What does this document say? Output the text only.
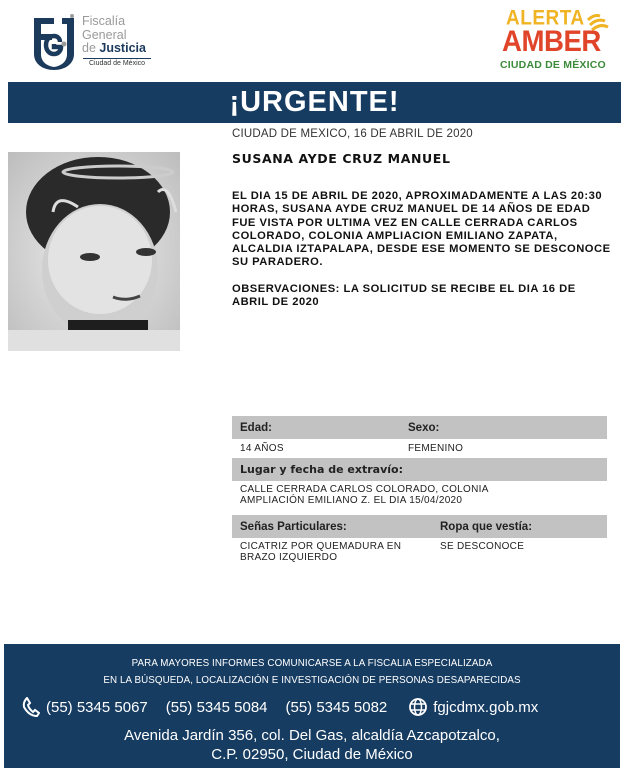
Fiscalía
General
de Justicia
Ciudad de México
ALERTA
AMBER
CIUDAD DE MÉXICO
¡URGENTE!
CIUDAD DE MEXICO, 16 DE ABRIL DE 2020
SUSANA AYDE CRUZ MANUEL
EL DIA 15 DE ABRIL DE 2020, APROXIMADAMENTE A LAS 20:30 HORAS, SUSANA AYDE CRUZ MANUEL DE 14 AÑOS DE EDAD FUE VISTA POR ULTIMA VEZ EN CALLE CERRADA CARLOS COLORADO, COLONIA AMPLIACION EMILIANO ZAPATA, ALCALDIA IZTAPALAPA, DESDE ESE MOMENTO SE DESCONOCE SU PARADERO.
OBSERVACIONES: LA SOLICITUD SE RECIBE EL DIA 16 DE ABRIL DE 2020
Edad:	Sexo:
14 AÑOS	FEMENINO
Lugar y fecha de extravío:
CALLE CERRADA CARLOS COLORADO, COLONIA
AMPLIACIÓN EMILIANO Z. EL DIA 15/04/2020
Señas Particulares:	Ropa que vestía:
CICATRIZ POR QUEMADURA EN
BRAZO IZQUIERDO
SE DESCONOCE
PARA MAYORES INFORMES COMUNICARSE A LA FISCALIA ESPECIALIZADA
EN LA BÚSQUEDA, LOCALIZACIÓN E INVESTIGACIÓN DE PERSONAS DESAPARECIDAS
(55) 5345 5067 (55) 5345 5084 (55) 5345 5082	fgjcdmx.gob.mx
Avenida Jardín 356, col. Del Gas, alcaldía Azcapotzalco,
C.P. 02950, Ciudad de México
